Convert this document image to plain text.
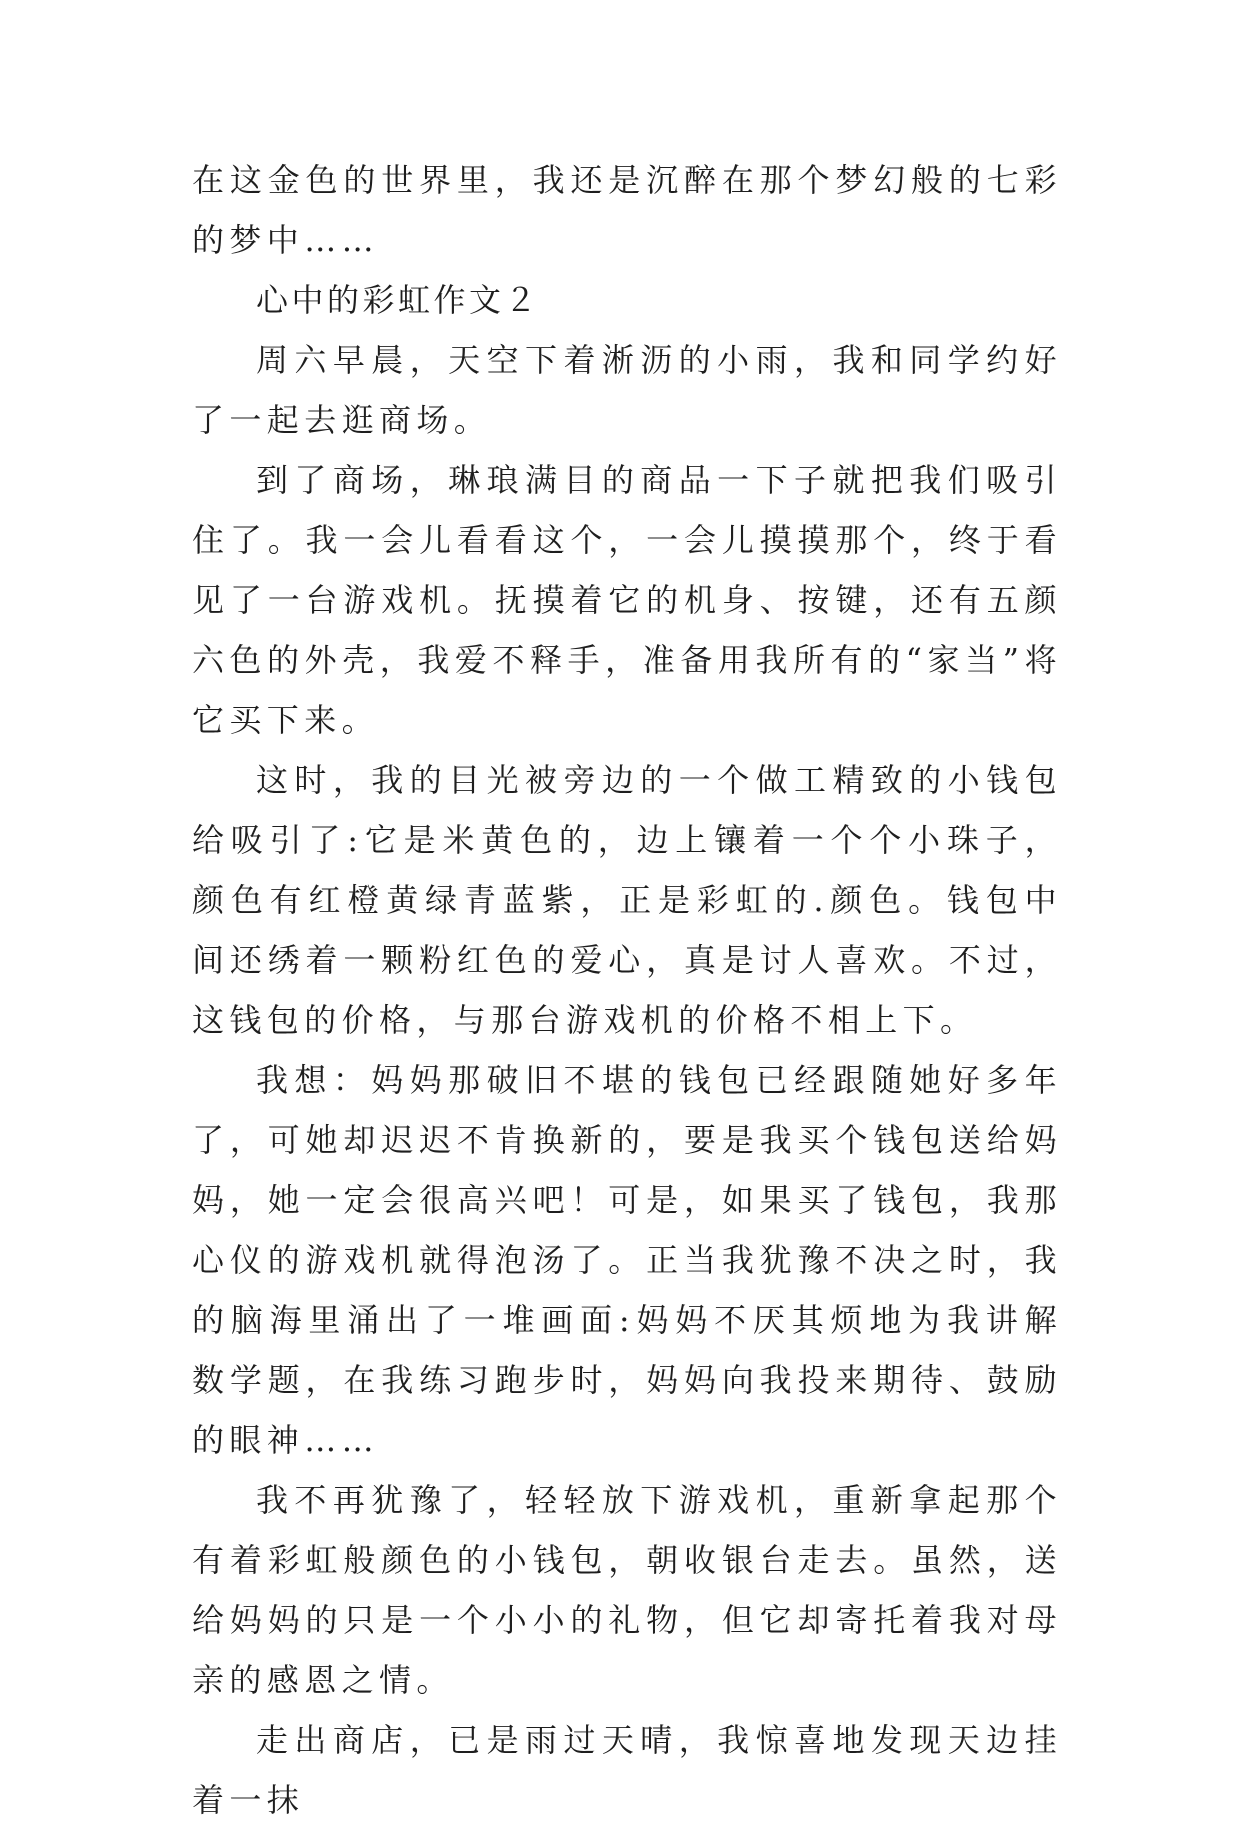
在这金色的世界里，我还是沉醉在那个梦幻般的七彩的梦中……

心中的彩虹作文２

周六早晨，天空下着淅沥的小雨，我和同学约好了一起去逛商场。

到了商场，琳琅满目的商品一下子就把我们吸引住了。我一会儿看看这个，一会儿摸摸那个，终于看见了一台游戏机。抚摸着它的机身、按键，还有五颜六色的外壳，我爱不释手，准备用我所有的“家当”将它买下来。

这时，我的目光被旁边的一个做工精致的小钱包给吸引了:它是米黄色的，边上镶着一个个小珠子，颜色有红橙黄绿青蓝紫，正是彩虹的.颜色。钱包中间还绣着一颗粉红色的爱心，真是讨人喜欢。不过，这钱包的价格，与那台游戏机的价格不相上下。

我想：妈妈那破旧不堪的钱包已经跟随她好多年了，可她却迟迟不肯换新的，要是我买个钱包送给妈妈，她一定会很高兴吧！可是，如果买了钱包，我那心仪的游戏机就得泡汤了。正当我犹豫不决之时，我的脑海里涌出了一堆画面:妈妈不厌其烦地为我讲解数学题，在我练习跑步时，妈妈向我投来期待、鼓励的眼神……

我不再犹豫了，轻轻放下游戏机，重新拿起那个有着彩虹般颜色的小钱包，朝收银台走去。虽然，送给妈妈的只是一个小小的礼物，但它却寄托着我对母亲的感恩之情。

走出商店，已是雨过天晴，我惊喜地发现天边挂着一抹
